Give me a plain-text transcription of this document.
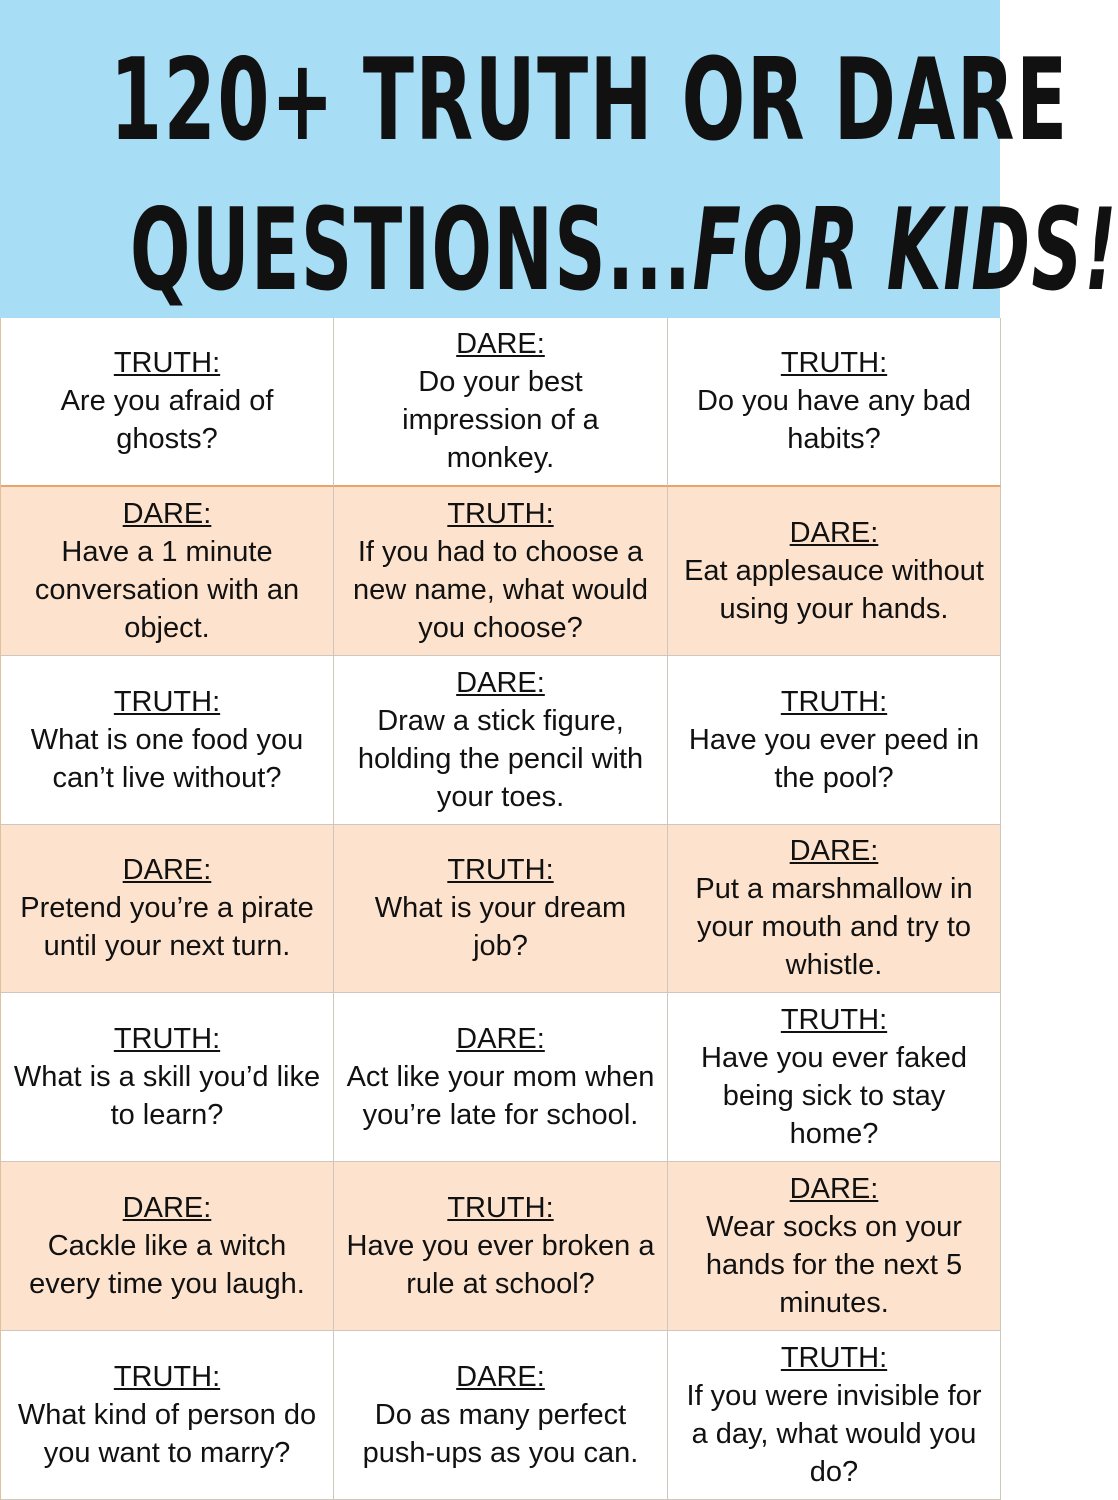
120+ TRUTH OR DARE
QUESTIONS...FOR KIDS!
TRUTH:
Are you afraid of ghosts?
DARE:
Do your best impression of a monkey.
TRUTH:
Do you have any bad habits?
DARE:
Have a 1 minute conversation with an object.
TRUTH:
If you had to choose a new name, what would you choose?
DARE:
Eat applesauce without using your hands.
TRUTH:
What is one food you can’t live without?
DARE:
Draw a stick figure, holding the pencil with your toes.
TRUTH:
Have you ever peed in the pool?
DARE:
Pretend you’re a pirate until your next turn.
TRUTH:
What is your dream job?
DARE:
Put a marshmallow in your mouth and try to whistle.
TRUTH:
What is a skill you’d like to learn?
DARE:
Act like your mom when you’re late for school.
TRUTH:
Have you ever faked being sick to stay home?
DARE:
Cackle like a witch every time you laugh.
TRUTH:
Have you ever broken a rule at school?
DARE:
Wear socks on your hands for the next 5 minutes.
TRUTH:
What kind of person do you want to marry?
DARE:
Do as many perfect push-ups as you can.
TRUTH:
If you were invisible for a day, what would you do?
